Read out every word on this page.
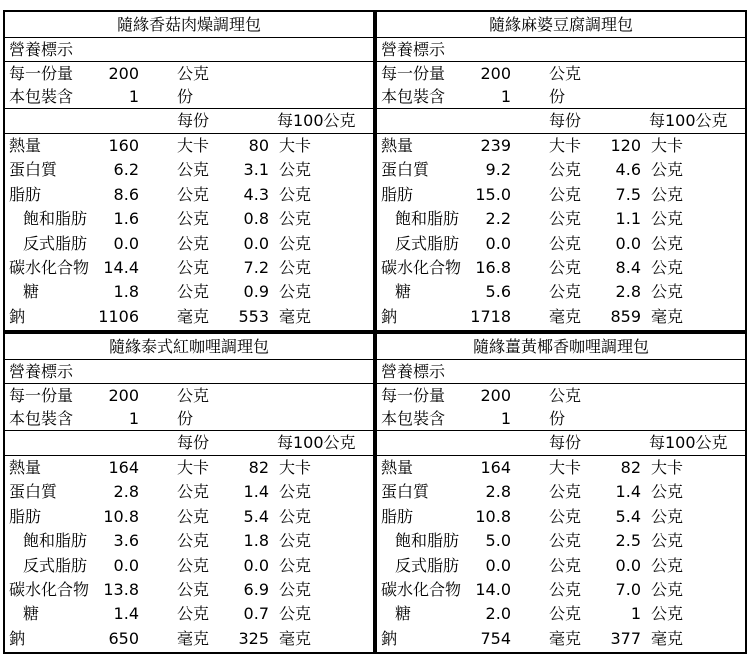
隨緣香菇肉燥調理包
營養標示
每一份量 200 公克
本包裝含	1 份
每份	每100公克
熱量	160 大卡 80 大卡
蛋白質	6.2 公克 3.1 公克
脂肪	8.6 公克 4.3 公克
飽和脂肪 1.6 公克 0.8 公克
反式脂肪 0.0 公克 0.0 公克
碳水化合物 14.4 公克 7.2 公克
糖	1.8 公克 0.9 公克
鈉	1106 毫克 553 毫克
隨緣麻婆豆腐調理包
營養標示
每一份量 200 公克
本包裝含	1 份
每份	每100公克
熱量	239 大卡 120 大卡
蛋白質	9.2 公克 4.6 公克
脂肪	15.0 公克 7.5 公克
飽和脂肪 2.2 公克 1.1 公克
反式脂肪 0.0 公克 0.0 公克
碳水化合物 16.8 公克 8.4 公克
糖	5.6 公克 2.8 公克
鈉	1718 毫克 859 毫克
隨緣泰式紅咖哩調理包
營養標示
每一份量 200 公克
本包裝含	1 份
每份	每100公克
熱量	164 大卡 82 大卡
蛋白質	2.8 公克 1.4 公克
脂肪	10.8 公克 5.4 公克
飽和脂肪 3.6 公克 1.8 公克
反式脂肪 0.0 公克 0.0 公克
碳水化合物 13.8 公克 6.9 公克
糖	1.4 公克 0.7 公克
鈉	650 毫克 325 毫克
隨緣薑黃椰香咖哩調理包
營養標示
每一份量 200 公克
本包裝含	1 份
每份	每100公克
熱量	164 大卡 82 大卡
蛋白質	2.8 公克 1.4 公克
脂肪	10.8 公克 5.4 公克
飽和脂肪 5.0 公克 2.5 公克
反式脂肪 0.0 公克 0.0 公克
碳水化合物 14.0 公克 7.0 公克
糖	2.0 公克	1 公克
鈉	754 毫克 377 毫克
